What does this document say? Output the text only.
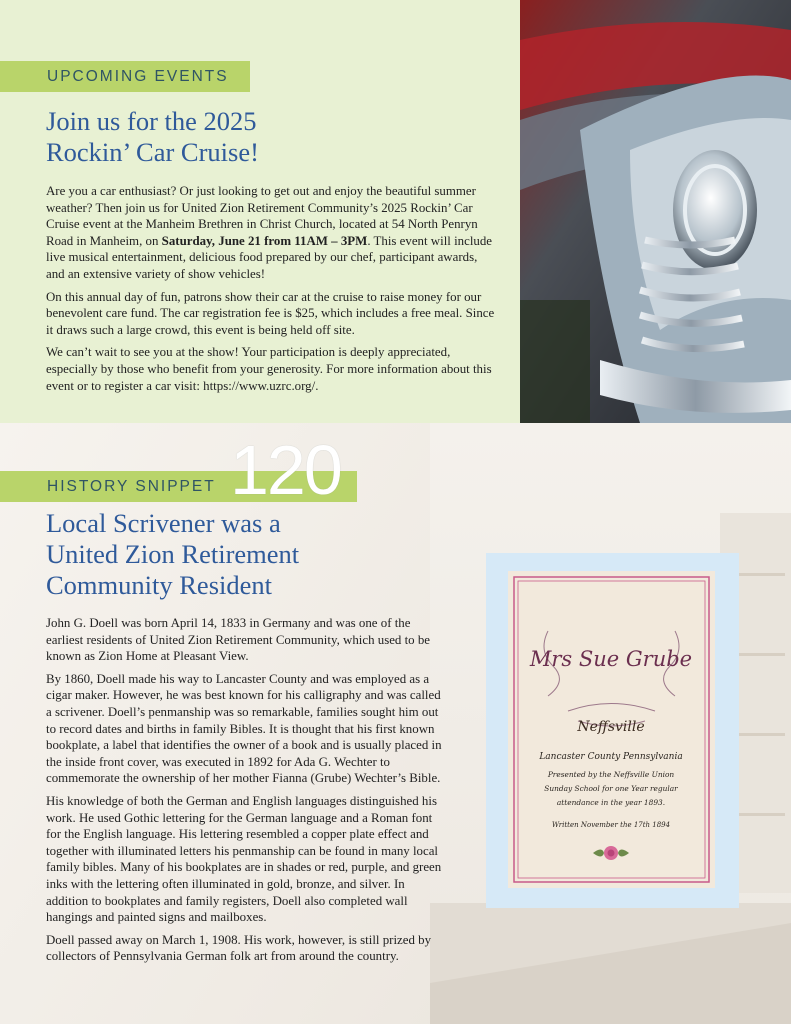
UPCOMING EVENTS
Join us for the 2025
Rockin’ Car Cruise!

Are you a car enthusiast? Or just looking to get out and enjoy the beautiful summer weather? Then join us for United Zion Retirement Community’s 2025 Rockin’ Car Cruise event at the Manheim Brethren in Christ Church, located at 54 North Penryn Road in Manheim, on Saturday, June 21 from 11AM – 3PM. This event will include live musical entertainment, delicious food prepared by our chef, participant awards, and an extensive variety of show vehicles!

On this annual day of fun, patrons show their car at the cruise to raise money for our benevolent care fund. The car registration fee is $25, which includes a free meal. Since it draws such a large crowd, this event is being held off site.

We can’t wait to see you at the show! Your participation is deeply appreciated, especially by those who benefit from your generosity. For more information about this event or to register a car visit: https://www.uzrc.org/.

HISTORY SNIPPET 120
Local Scrivener was a
United Zion Retirement
Community Resident

John G. Doell was born April 14, 1833 in Germany and was one of the earliest residents of United Zion Retirement Community, which used to be known as Zion Home at Pleasant View.

By 1860, Doell made his way to Lancaster County and was employed as a cigar maker. However, he was best known for his calligraphy and was called a scrivener. Doell’s penmanship was so remarkable, families sought him out to record dates and births in family Bibles. It is thought that his first known bookplate, a label that identifies the owner of a book and is usually placed in the inside front cover, was executed in 1892 for Ada G. Wechter to commemorate the ownership of her mother Fianna (Grube) Wechter’s Bible.

His knowledge of both the German and English languages distinguished his work. He used Gothic lettering for the German language and a Roman font for the English language. His lettering resembled a copper plate effect and together with illuminated letters his penmanship can be found in many local family bibles. Many of his bookplates are in shades or red, purple, and green inks with the lettering often illuminated in gold, bronze, and silver. In addition to bookplates and family registers, Doell also completed wall hangings and painted signs and mailboxes.

Doell passed away on March 1, 1908. His work, however, is still prized by collectors of Pennsylvania German folk art from around the country.

Mrs Sue Grube
Neffsville
Lancaster County Pennsylvania
Presented by the Neffsville Union
Sunday School for one Year regular
attendance in the year 1893.
Written November the 17th 1894
